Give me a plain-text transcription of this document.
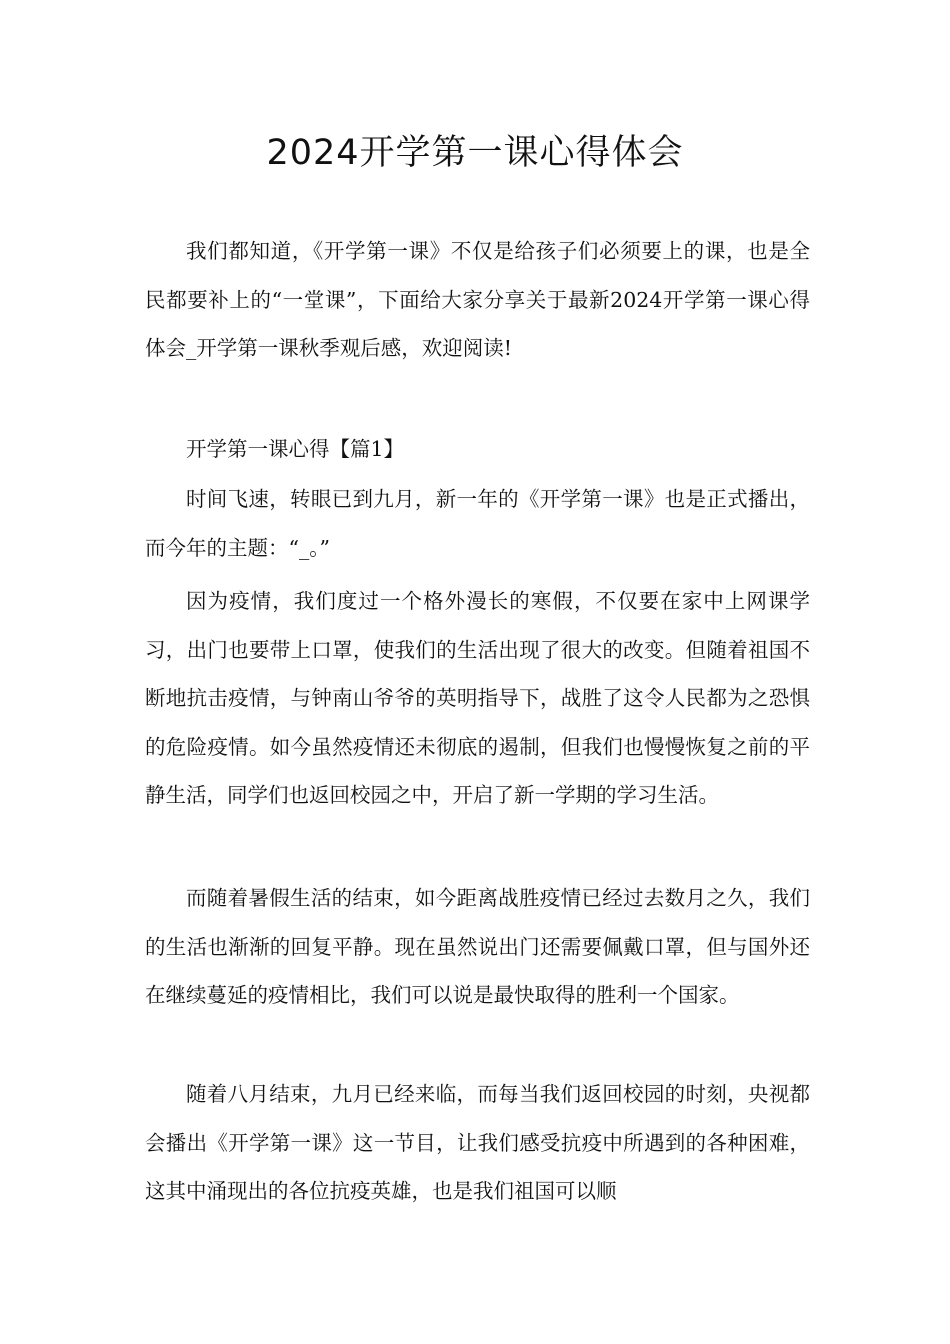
2024开学第一课心得体会

我们都知道，《开学第一课》不仅是给孩子们必须要上的课，也是全民都要补上的“一堂课”，下面给大家分享关于最新2024开学第一课心得体会_开学第一课秋季观后感，欢迎阅读!

开学第一课心得【篇1】

时间飞速，转眼已到九月，新一年的《开学第一课》也是正式播出，而今年的主题：“_。”

因为疫情，我们度过一个格外漫长的寒假，不仅要在家中上网课学习，出门也要带上口罩，使我们的生活出现了很大的改变。但随着祖国不断地抗击疫情，与钟南山爷爷的英明指导下，战胜了这令人民都为之恐惧的危险疫情。如今虽然疫情还未彻底的遏制，但我们也慢慢恢复之前的平静生活，同学们也返回校园之中，开启了新一学期的学习生活。

而随着暑假生活的结束，如今距离战胜疫情已经过去数月之久，我们的生活也渐渐的回复平静。现在虽然说出门还需要佩戴口罩，但与国外还在继续蔓延的疫情相比，我们可以说是最快取得的胜利一个国家。

随着八月结束，九月已经来临，而每当我们返回校园的时刻，央视都会播出《开学第一课》这一节目，让我们感受抗疫中所遇到的各种困难，这其中涌现出的各位抗疫英雄，也是我们祖国可以顺
